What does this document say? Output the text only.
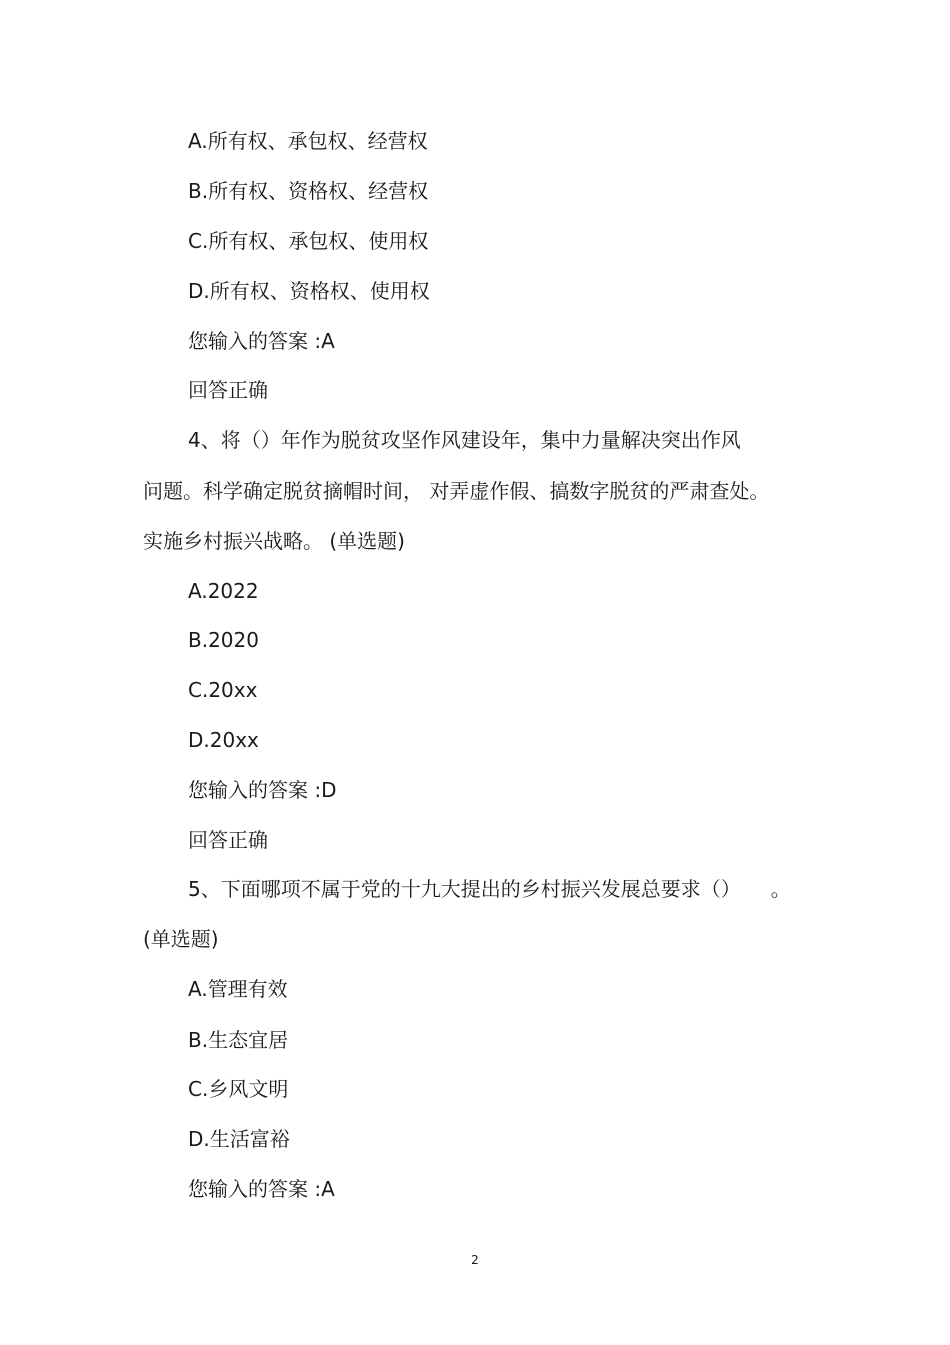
A.所有权、承包权、经营权

B.所有权、资格权、经营权

C.所有权、承包权、使用权

D.所有权、资格权、使用权

您输入的答案 :A

回答正确

4、将（）年作为脱贫攻坚作风建设年，集中力量解决突出作风

问题。科学确定脱贫摘帽时间， 对弄虚作假、搞数字脱贫的严肃查处。

实施乡村振兴战略。 (单选题)

A.2022

B.2020

C.20xx

D.20xx

您输入的答案 :D

回答正确

5、下面哪项不属于党的十九大提出的乡村振兴发展总要求（）　　。

(单选题)

A.管理有效

B.生态宜居

C.乡风文明

D.生活富裕

您输入的答案 :A

2
